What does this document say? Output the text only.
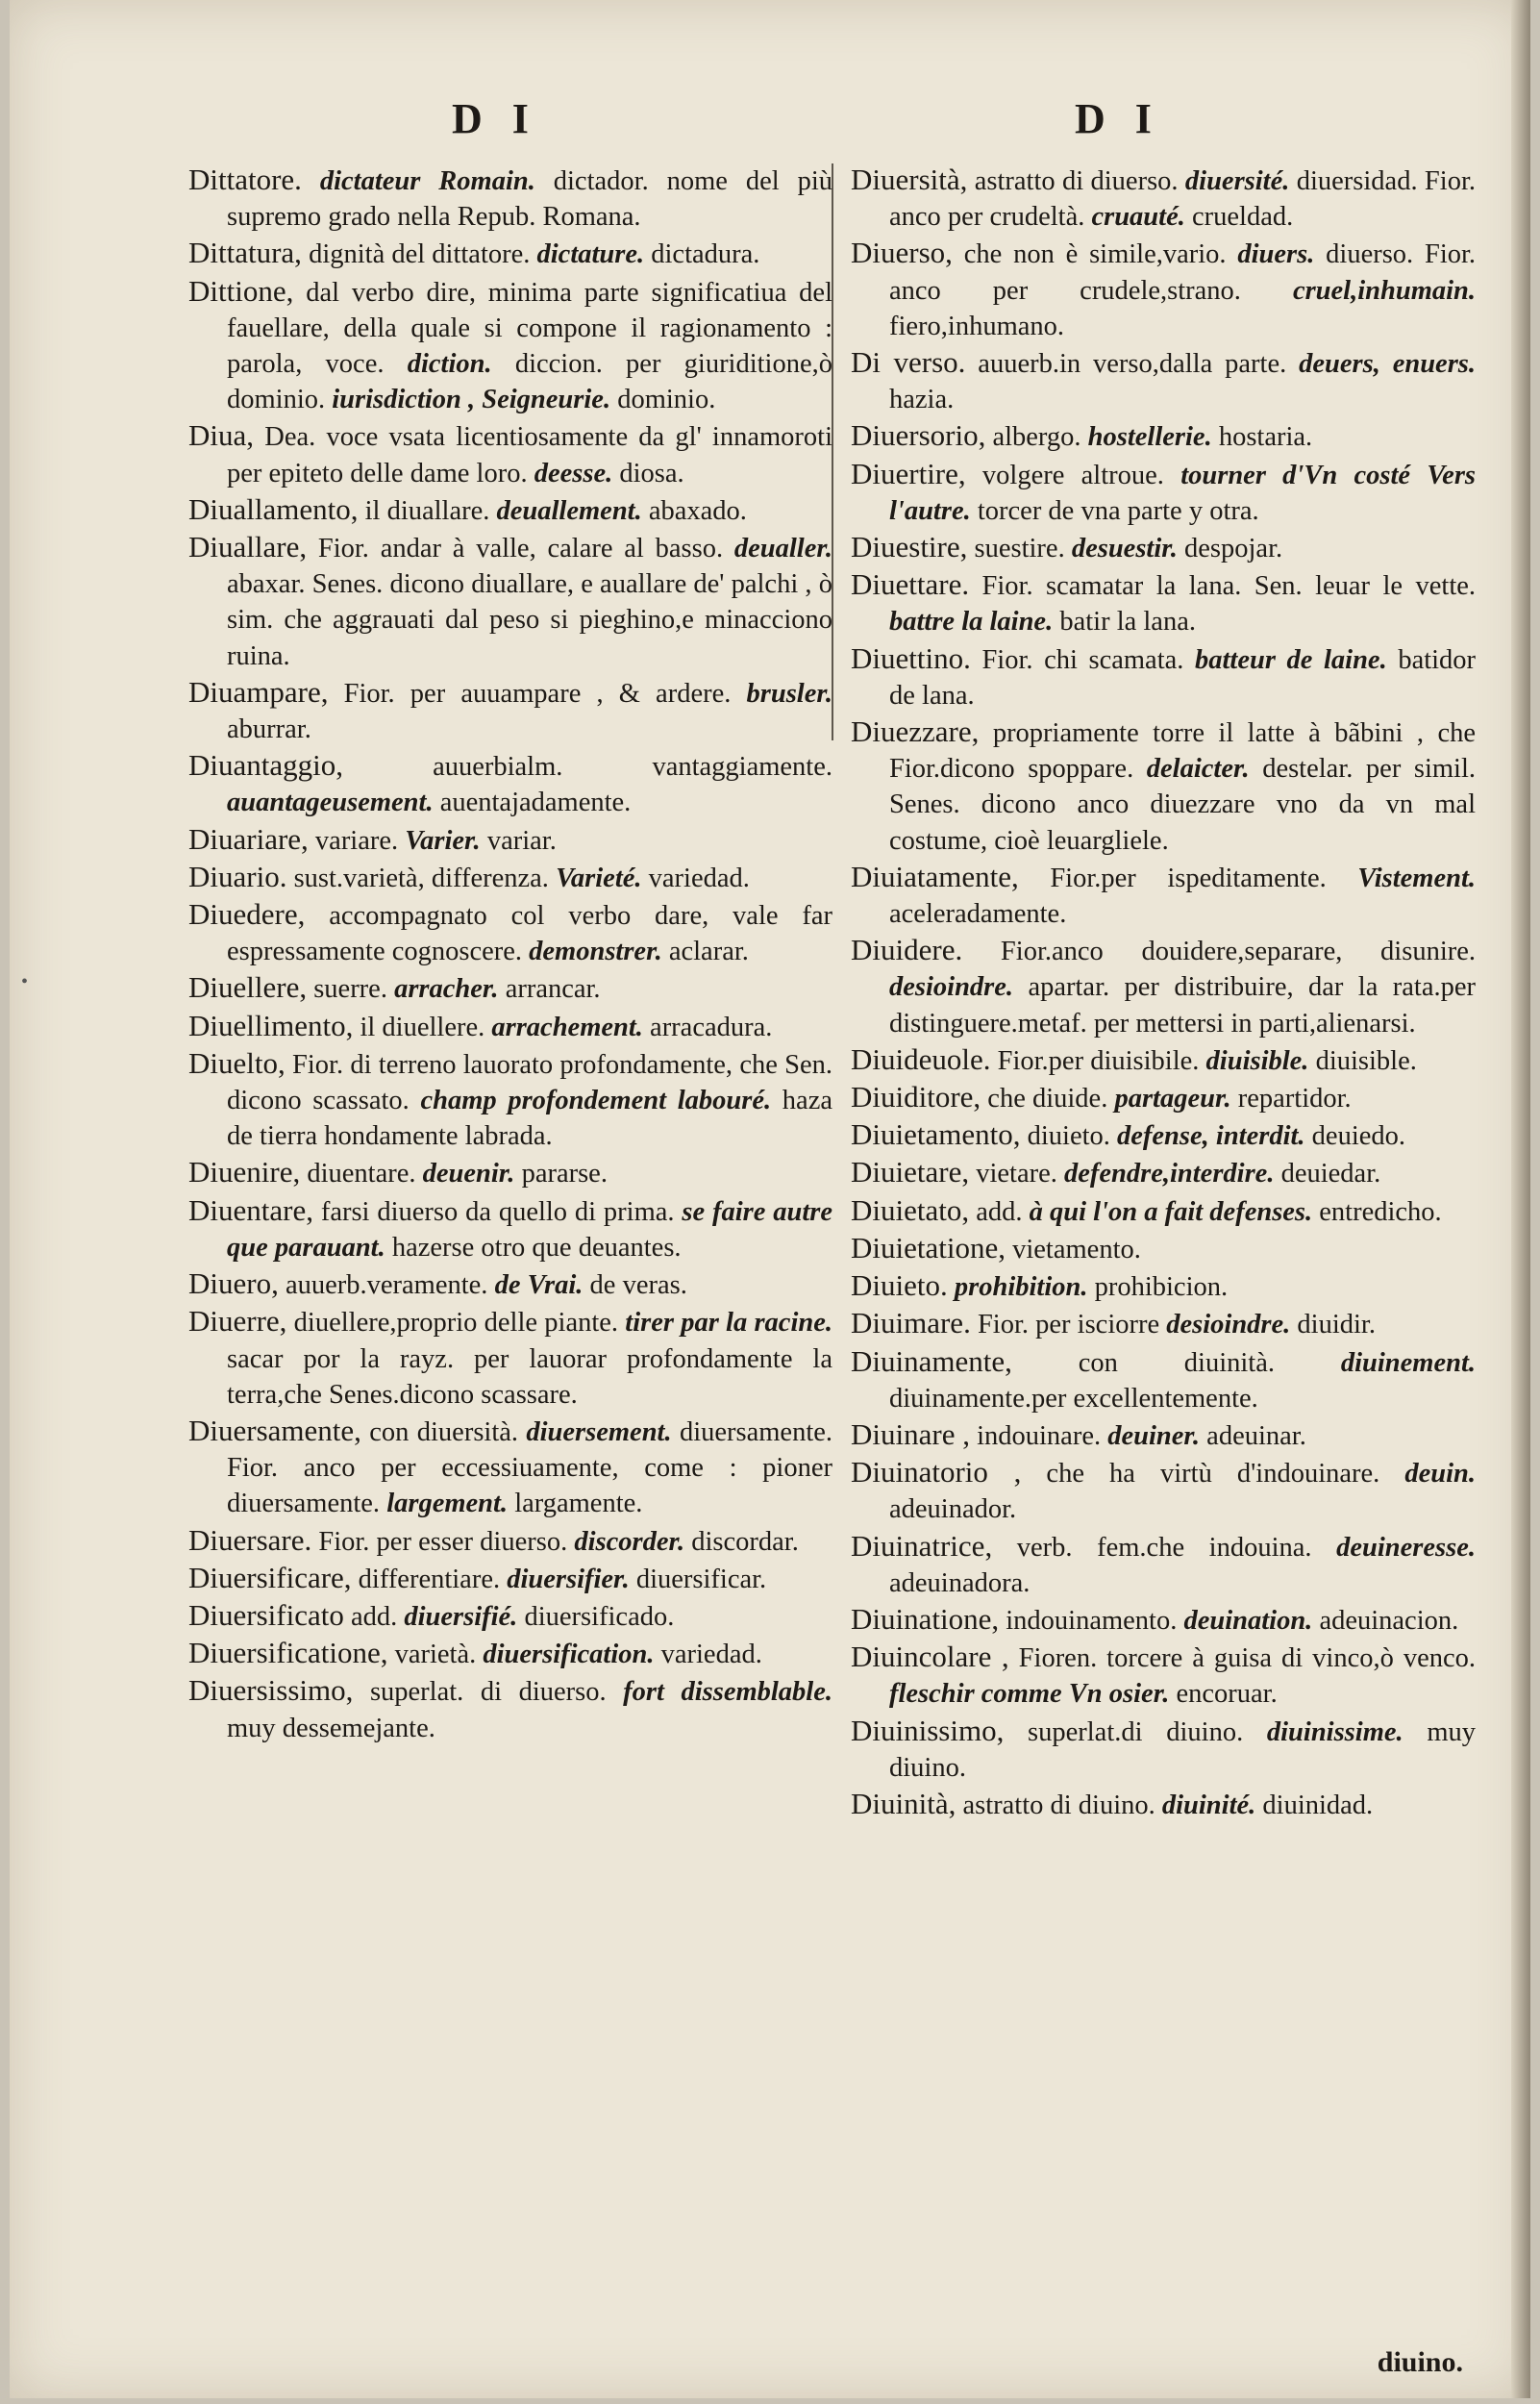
D I	D I
Dittatore. dictateur Romain. dictador. nome del più supremo grado nella Repub. Romana.
Dittatura, dignità del dittatore. dictature. dictadura.
Dittione, dal verbo dire, minima parte significatiua del fauellare, della quale si compone il ragionamento : parola, voce. diction. diccion. per giuriditione,ò dominio. iurisdiction , Seigneurie. dominio.
Diua, Dea. voce vsata licentiosamente da gl' innamoroti per epiteto delle dame loro. deesse. diosa.
Diuallamento, il diuallare. deuallement. abaxado.
Diuallare, Fior. andar à valle, calare al basso. deualler. abaxar. Senes. dicono diuallare, e auallare de' palchi , ò sim. che aggrauati dal peso si pieghino,e minacciono ruina.
Diuampare, Fior. per auuampare , & ardere. brusler. aburrar.
Diuantaggio,	auuerbialm. vantaggiamente. auantageusement. auentajadamente.
Diuariare, variare. Varier. variar.
Diuario. sust.varietà, differenza. Varieté. variedad.
Diuedere, accompagnato col verbo dare, vale far espressamente cognoscere. demonstrer. aclarar.
Diuellere, suerre. arracher. arrancar.
Diuellimento, il diuellere. arrachement. arracadura.
Diuelto, Fior. di terreno lauorato profondamente, che Sen. dicono scassato. champ profondement labouré. haza de tierra hondamente labrada.
Diuenire, diuentare. deuenir. pararse.
Diuentare, farsi diuerso da quello di prima. se faire autre que parauant. hazerse otro que deuantes.
Diuero, auuerb.veramente. de Vrai. de veras.
Diuerre, diuellere,proprio delle piante. tirer par la racine. sacar por la rayz. per lauorar profondamente la terra,che Senes.dicono scassare.
Diuersamente, con diuersità. diuersement. diuersamente. Fior. anco per eccessiuamente, come : pioner diuersamente. largement. largamente.
Diuersare. Fior. per esser diuerso. discorder. discordar.
Diuersificare, differentiare. diuersifier. diuersificar.
Diuersificato add. diuersifié. diuersificado.
Diuersificatione, varietà. diuersification. variedad.
Diuersissimo, superlat. di diuerso. fort dissemblable. muy dessemejante.
Diuersità, astratto di diuerso. diuersité. diuersidad. Fior. anco per crudeltà. cruauté. crueldad.
Diuerso, che non è simile,vario. diuers. diuerso. Fior. anco per crudele,strano. cruel,inhumain. fiero,inhumano.
Di verso. auuerb.in verso,dalla parte. deuers, enuers. hazia.
Diuersorio, albergo. hostellerie. hostaria.
Diuertire, volgere altroue. tourner d'Vn costé Vers l'autre. torcer de vna parte y otra.
Diuestire, suestire. desuestir. despojar.
Diuettare. Fior. scamatar la lana. Sen. leuar le vette. battre la laine. batir la lana.
Diuettino. Fior. chi scamata. batteur de laine. batidor de lana.
Diuezzare, propriamente torre il latte à bãbini , che Fior.dicono spoppare. delaicter. destelar. per simil. Senes. dicono anco diuezzare vno da vn mal costume, cioè leuargliele.
Diuiatamente, Fior.per ispeditamente. Vistement. aceleradamente.
Diuidere. Fior.anco douidere,separare, disunire. desioindre. apartar. per distribuire, dar la rata.per distinguere.metaf. per mettersi in parti,alienarsi.
Diuideuole. Fior.per diuisibile. diuisible. diuisible.
Diuiditore, che diuide. partageur. repartidor.
Diuietamento, diuieto. defense, interdit. deuiedo.
Diuietare, vietare. defendre,interdire. deuiedar.
Diuietato, add. à qui l'on a fait defenses. entredicho.
Diuietatione, vietamento.
Diuieto. prohibition. prohibicion.
Diuimare. Fior. per isciorre desioindre. diuidir.
Diuinamente, con diuinità. diuinement. diuinamente.per excellentemente.
Diuinare , indouinare. deuiner. adeuinar.
Diuinatorio , che ha virtù d'indouinare. deuin. adeuinador.
Diuinatrice, verb. fem.che indouina. deuineresse. adeuinadora.
Diuinatione, indouinamento. deuination. adeuinacion.
Diuincolare , Fioren. torcere à guisa di vinco,ò venco. fleschir comme Vn osier. encoruar.
Diuinissimo, superlat.di diuino. diuinissime. muy diuino.
Diuinità, astratto di diuino. diuinité. diuinidad.
diuino.
•
